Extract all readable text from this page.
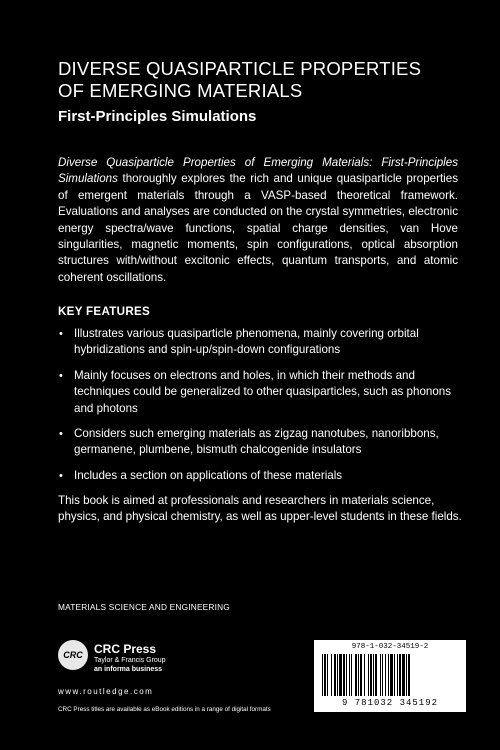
DIVERSE QUASIPARTICLE PROPERTIES
OF EMERGING MATERIALS
First-Principles Simulations

Diverse Quasiparticle Properties of Emerging Materials: First-Principles Simulations thoroughly explores the rich and unique quasiparticle properties of emergent materials through a VASP-based theoretical framework. Evaluations and analyses are conducted on the crystal symmetries, electronic energy spectra/wave functions, spatial charge densities, van Hove singularities, magnetic moments, spin configurations, optical absorption structures with/without excitonic effects, quantum transports, and atomic coherent oscillations.

KEY FEATURES
• Illustrates various quasiparticle phenomena, mainly covering orbital hybridizations and spin-up/spin-down configurations
• Mainly focuses on electrons and holes, in which their methods and techniques could be generalized to other quasiparticles, such as phonons and photons
• Considers such emerging materials as zigzag nanotubes, nanoribbons, germanene, plumbene, bismuth chalcogenide insulators
• Includes a section on applications of these materials

This book is aimed at professionals and researchers in materials science, physics, and physical chemistry, as well as upper-level students in these fields.

MATERIALS SCIENCE AND ENGINEERING

CRC CRC Press
Taylor & Francis Group
an informa business

www.routledge.com

CRC Press titles are available as eBook editions in a range of digital formats

978-1-032-34519-2
9 781032 345192
